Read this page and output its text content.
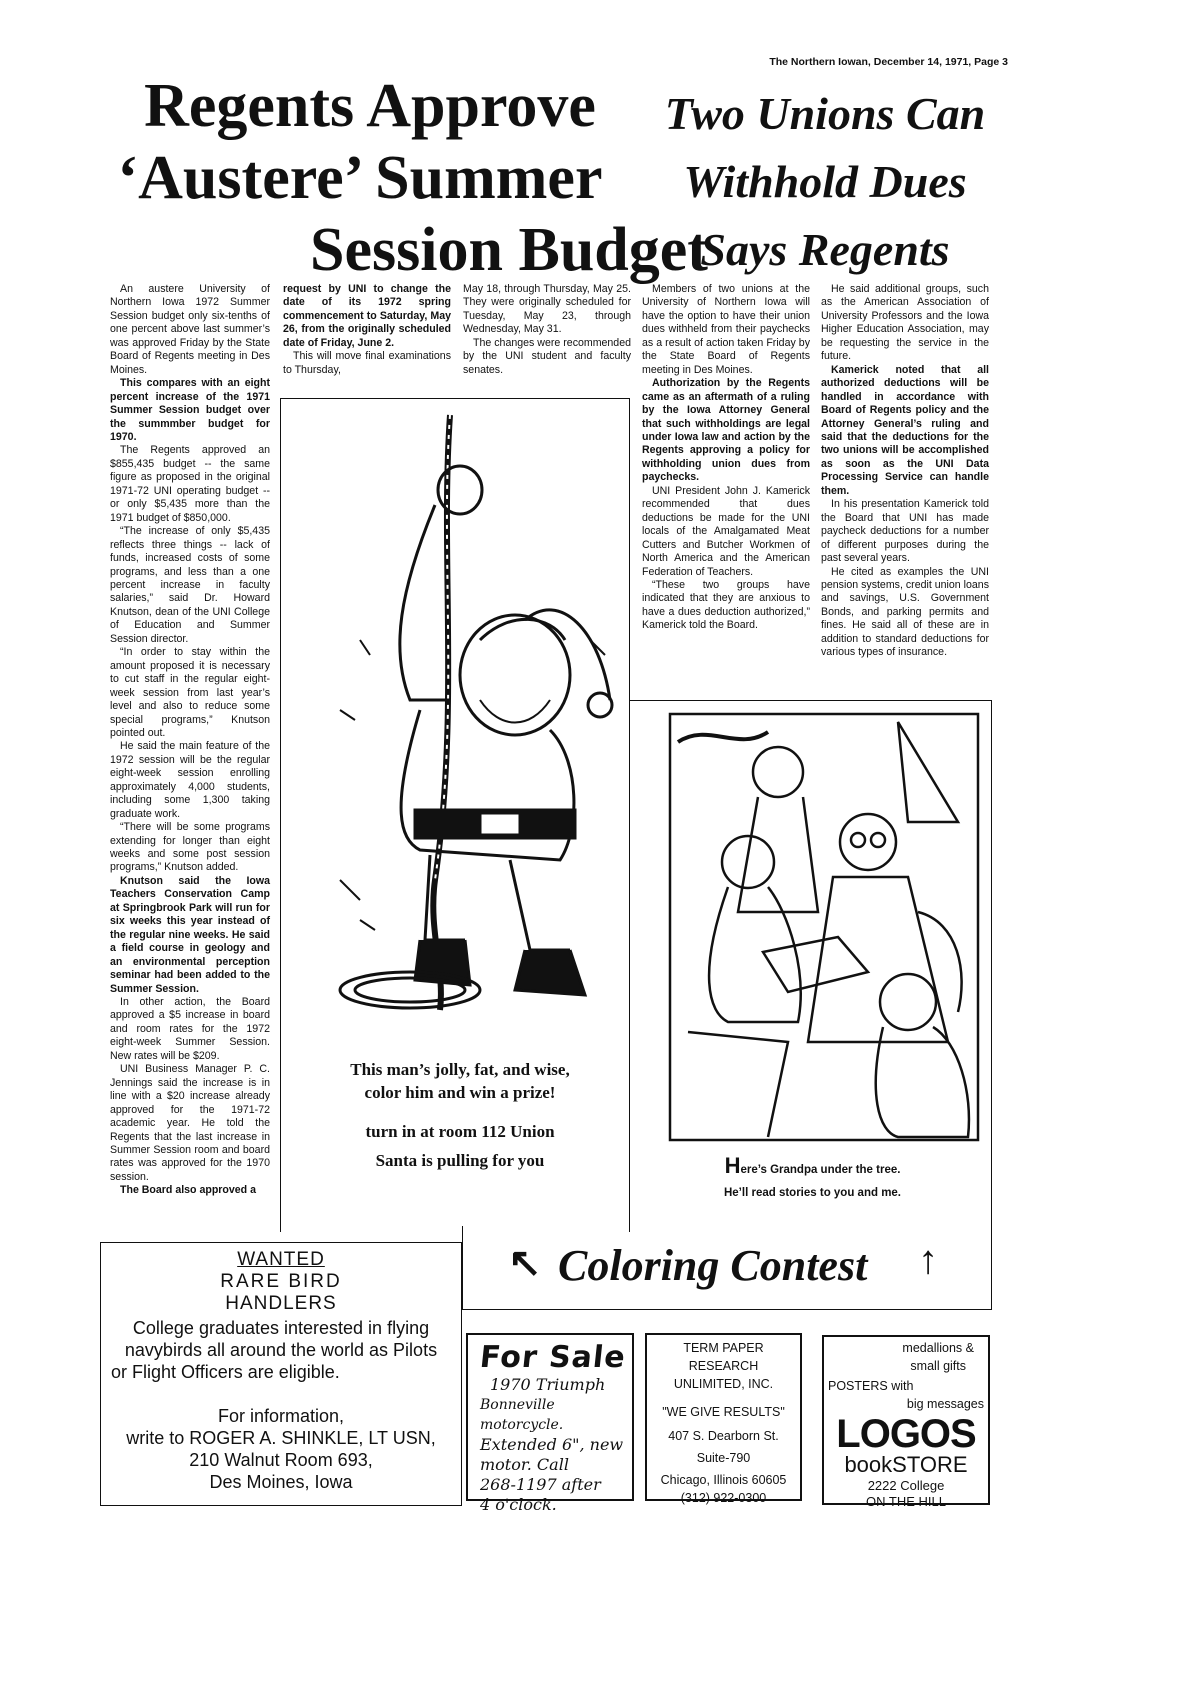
The Northern Iowan, December 14, 1971, Page 3
Regents Approve
‘Austere’ Summer
Session Budget
Two Unions Can
Withhold Dues
Says Regents

An austere University of Northern Iowa 1972 Summer Session budget only six-tenths of one percent above last summer’s was approved Friday by the State Board of Regents meeting in Des Moines.

This compares with an eight percent increase of the 1971 Summer Session budget over the summmber budget for 1970.

The Regents approved an $855,435 budget -- the same figure as proposed in the original 1971-72 UNI operating budget -- or only $5,435 more than the 1971 budget of $850,000.

“The increase of only $5,435 reflects three things -- lack of funds, increased costs of some programs, and less than a one percent increase in faculty salaries,” said Dr. Howard Knutson, dean of the UNI College of Education and Summer Session director.

“In order to stay within the amount proposed it is necessary to cut staff in the regular eight-week session from last year’s level and also to reduce some special programs,” Knutson pointed out.

He said the main feature of the 1972 session will be the regular eight-week session enrolling approximately 4,000 students, including some 1,300 taking graduate work.

“There will be some programs extending for longer than eight weeks and some post session programs,” Knutson added.

Knutson said the Iowa Teachers Conservation Camp at Springbrook Park will run for six weeks this year instead of the regular nine weeks. He said a field course in geology and an environmental perception seminar had been added to the Summer Session.

In other action, the Board approved a $5 increase in board and room rates for the 1972 eight-week Summer Session. New rates will be $209.

UNI Business Manager P. C. Jennings said the increase is in line with a $20 increase already approved for the 1971-72 academic year. He told the Regents that the last increase in Summer Session room and board rates was approved for the 1970 session.

The Board also approved a

request by UNI to change the date of its 1972 spring commencement to Saturday, May 26, from the originally scheduled date of Friday, June 2.

This will move final examinations to Thursday,

May 18, through Thursday, May 25. They were originally scheduled for Tuesday, May 23, through Wednesday, May 31.

The changes were recommended by the UNI student and faculty senates.

Members of two unions at the University of Northern Iowa will have the option to have their union dues withheld from their paychecks as a result of action taken Friday by the State Board of Regents meeting in Des Moines.

Authorization by the Regents came as an aftermath of a ruling by the Iowa Attorney General that such withholdings are legal under Iowa law and action by the Regents approving a policy for withholding union dues from paychecks.

UNI President John J. Kamerick recommended that dues deductions be made for the UNI locals of the Amalgamated Meat Cutters and Butcher Workmen of North America and the American Federation of Teachers.

“These two groups have indicated that they are anxious to have a dues deduction authorized,” Kamerick told the Board.

He said additional groups, such as the American Association of University Professors and the Iowa Higher Education Association, may be requesting the service in the future.

Kamerick noted that all authorized deductions will be handled in accordance with Board of Regents policy and the Attorney General’s ruling and said that the deductions for the two unions will be accomplished as soon as the UNI Data Processing Service can handle them.

In his presentation Kamerick told the Board that UNI has made paycheck deductions for a number of different purposes during the past several years.

He cited as examples the UNI pension systems, credit union loans and savings, U.S. Government Bonds, and parking permits and fines. He said all of these are in addition to standard deductions for various types of insurance.

This man’s jolly, fat, and wise,
color him and win a prize!
turn in at room 112 Union
Santa is pulling for you	Here’s Grandpa under the tree.
He’ll read stories to you and me.
↖ Coloring Contest ↑
WANTED
RARE BIRD
HANDLERS
College graduates interested in flying
navybirds all around the world as Pilots
or Flight Officers are eligible.
For information,
write to ROGER A. SHINKLE, LT USN,
210 Walnut Room 693,
Des Moines, Iowa
For Sale
1970 Triumph
Bonneville motorcycle.
Extended 6", new
motor. Call
268-1197 after
4 o'clock.
TERM PAPER RESEARCH
UNLIMITED, INC.
"WE GIVE RESULTS"
407 S. Dearborn St.
Suite-790
Chicago, Illinois 60605
(312) 922-0300
medallions &
small gifts
POSTERS with
big messages
LOGOS
bookSTORE
2222 College
ON THE HILL
